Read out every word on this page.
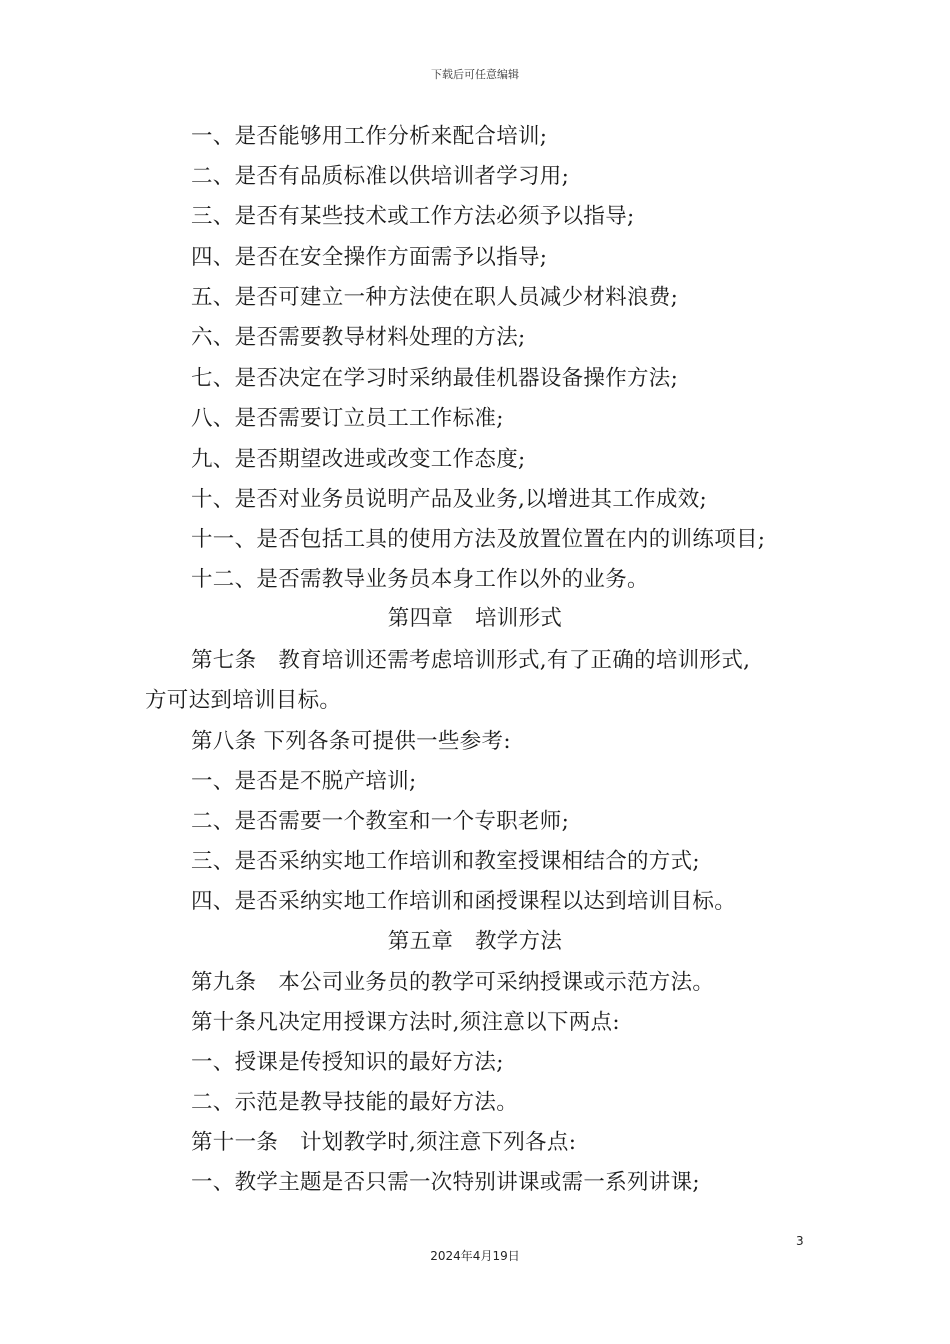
下载后可任意编辑
一、是否能够用工作分析来配合培训;
二、是否有品质标准以供培训者学习用;
三、是否有某些技术或工作方法必须予以指导;
四、是否在安全操作方面需予以指导;
五、是否可建立一种方法使在职人员减少材料浪费;
六、是否需要教导材料处理的方法;
七、是否决定在学习时采纳最佳机器设备操作方法;
八、是否需要订立员工工作标准;
九、是否期望改进或改变工作态度;
十、是否对业务员说明产品及业务,以增进其工作成效;
十一、是否包括工具的使用方法及放置位置在内的训练项目;
十二、是否需教导业务员本身工作以外的业务。
第四章　培训形式
第七条　教育培训还需考虑培训形式,有了正确的培训形式,
方可达到培训目标。
第八条 下列各条可提供一些参考:
一、是否是不脱产培训;
二、是否需要一个教室和一个专职老师;
三、是否采纳实地工作培训和教室授课相结合的方式;
四、是否采纳实地工作培训和函授课程以达到培训目标。
第五章　教学方法
第九条　本公司业务员的教学可采纳授课或示范方法。
第十条凡决定用授课方法时,须注意以下两点:
一、授课是传授知识的最好方法;
二、示范是教导技能的最好方法。
第十一条　计划教学时,须注意下列各点:
一、教学主题是否只需一次特别讲课或需一系列讲课;
3
2024年4月19日
